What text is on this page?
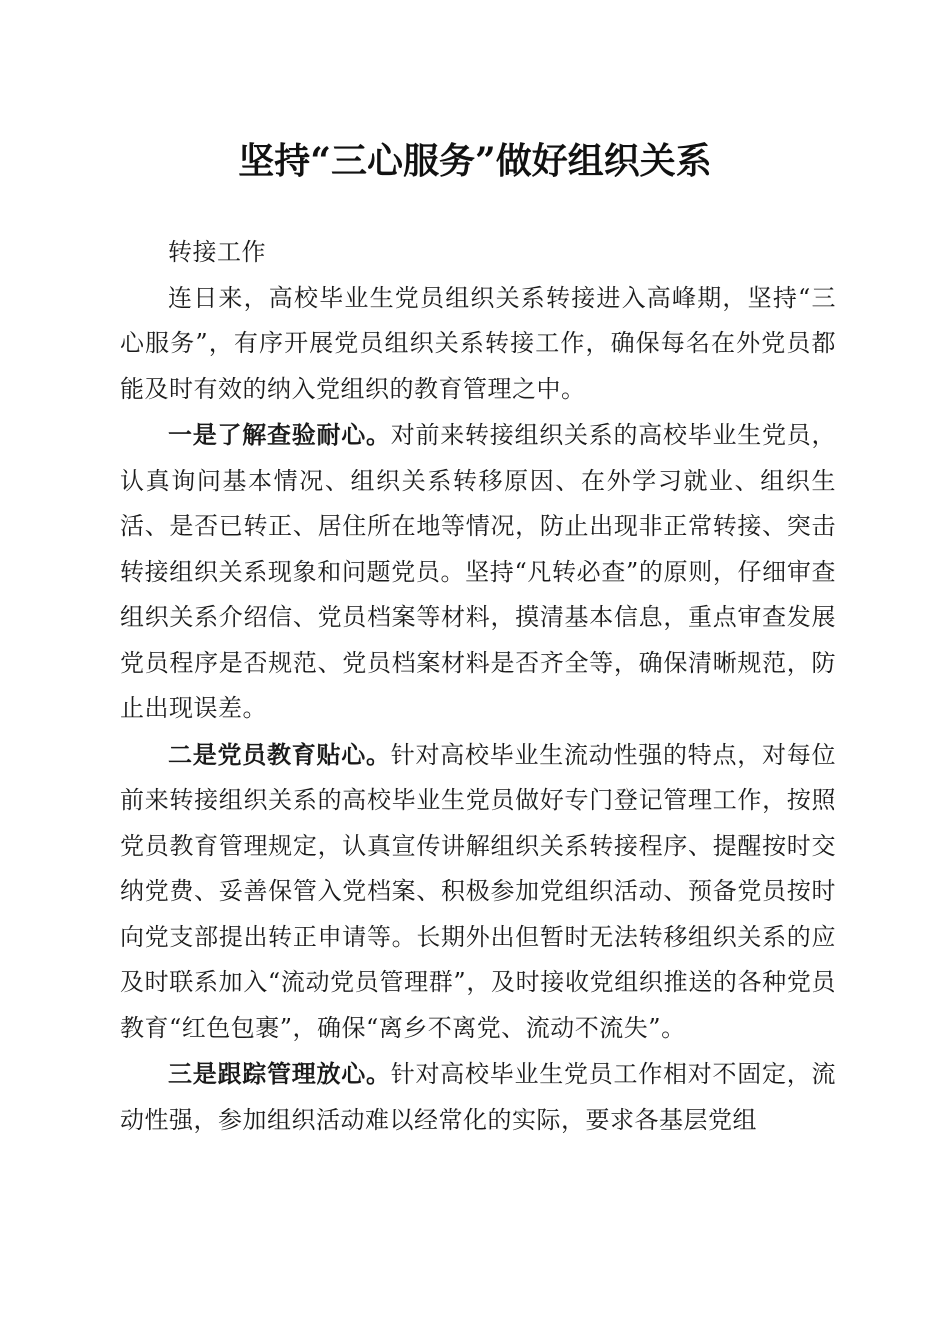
坚持“三心服务”做好组织关系

转接工作

连日来，高校毕业生党员组织关系转接进入高峰期，坚持“三心服务”，有序开展党员组织关系转接工作，确保每名在外党员都能及时有效的纳入党组织的教育管理之中。

一是了解查验耐心。对前来转接组织关系的高校毕业生党员，认真询问基本情况、组织关系转移原因、在外学习就业、组织生活、是否已转正、居住所在地等情况，防止出现非正常转接、突击转接组织关系现象和问题党员。坚持“凡转必查”的原则，仔细审查组织关系介绍信、党员档案等材料，摸清基本信息，重点审查发展党员程序是否规范、党员档案材料是否齐全等，确保清晰规范，防止出现误差。

二是党员教育贴心。针对高校毕业生流动性强的特点，对每位前来转接组织关系的高校毕业生党员做好专门登记管理工作，按照党员教育管理规定，认真宣传讲解组织关系转接程序、提醒按时交纳党费、妥善保管入党档案、积极参加党组织活动、预备党员按时向党支部提出转正申请等。长期外出但暂时无法转移组织关系的应及时联系加入“流动党员管理群”，及时接收党组织推送的各种党员教育“红色包裹”，确保“离乡不离党、流动不流失”。

三是跟踪管理放心。针对高校毕业生党员工作相对不固定，流动性强，参加组织活动难以经常化的实际，要求各基层党组
